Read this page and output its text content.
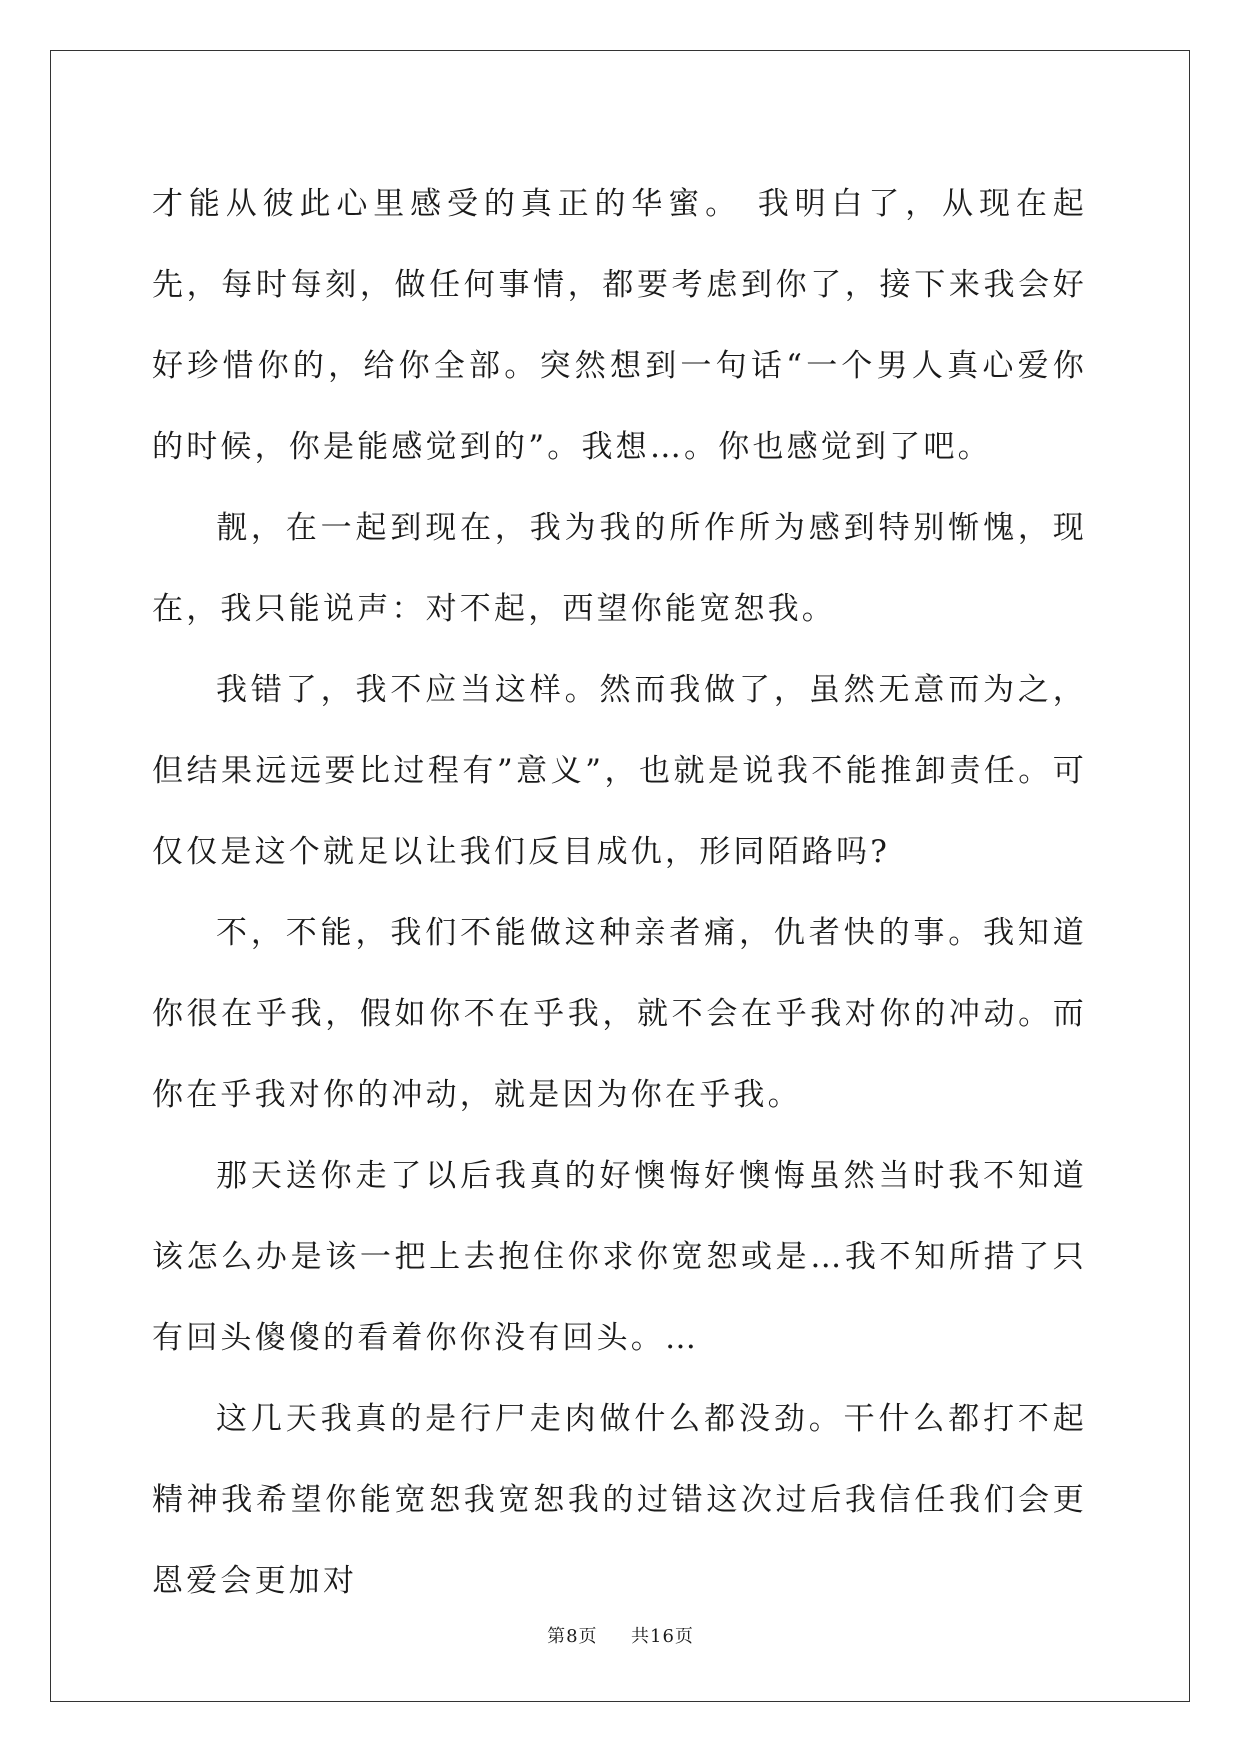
才能从彼此心里感受的真正的华蜜。 我明白了，从现在起先，每时每刻，做任何事情，都要考虑到你了，接下来我会好好珍惜你的，给你全部。突然想到一句话“一个男人真心爱你的时候，你是能感觉到的”。我想…。你也感觉到了吧。

靓，在一起到现在，我为我的所作所为感到特别惭愧，现在，我只能说声：对不起，西望你能宽恕我。

我错了，我不应当这样。然而我做了，虽然无意而为之，但结果远远要比过程有”意义”，也就是说我不能推卸责任。可仅仅是这个就足以让我们反目成仇，形同陌路吗?

不，不能，我们不能做这种亲者痛，仇者快的事。我知道你很在乎我，假如你不在乎我，就不会在乎我对你的冲动。而你在乎我对你的冲动，就是因为你在乎我。

那天送你走了以后我真的好懊悔好懊悔虽然当时我不知道该怎么办是该一把上去抱住你求你宽恕或是…我不知所措了只有回头傻傻的看着你你没有回头。…

这几天我真的是行尸走肉做什么都没劲。干什么都打不起精神我希望你能宽恕我宽恕我的过错这次过后我信任我们会更恩爱会更加对

第8页 共16页
